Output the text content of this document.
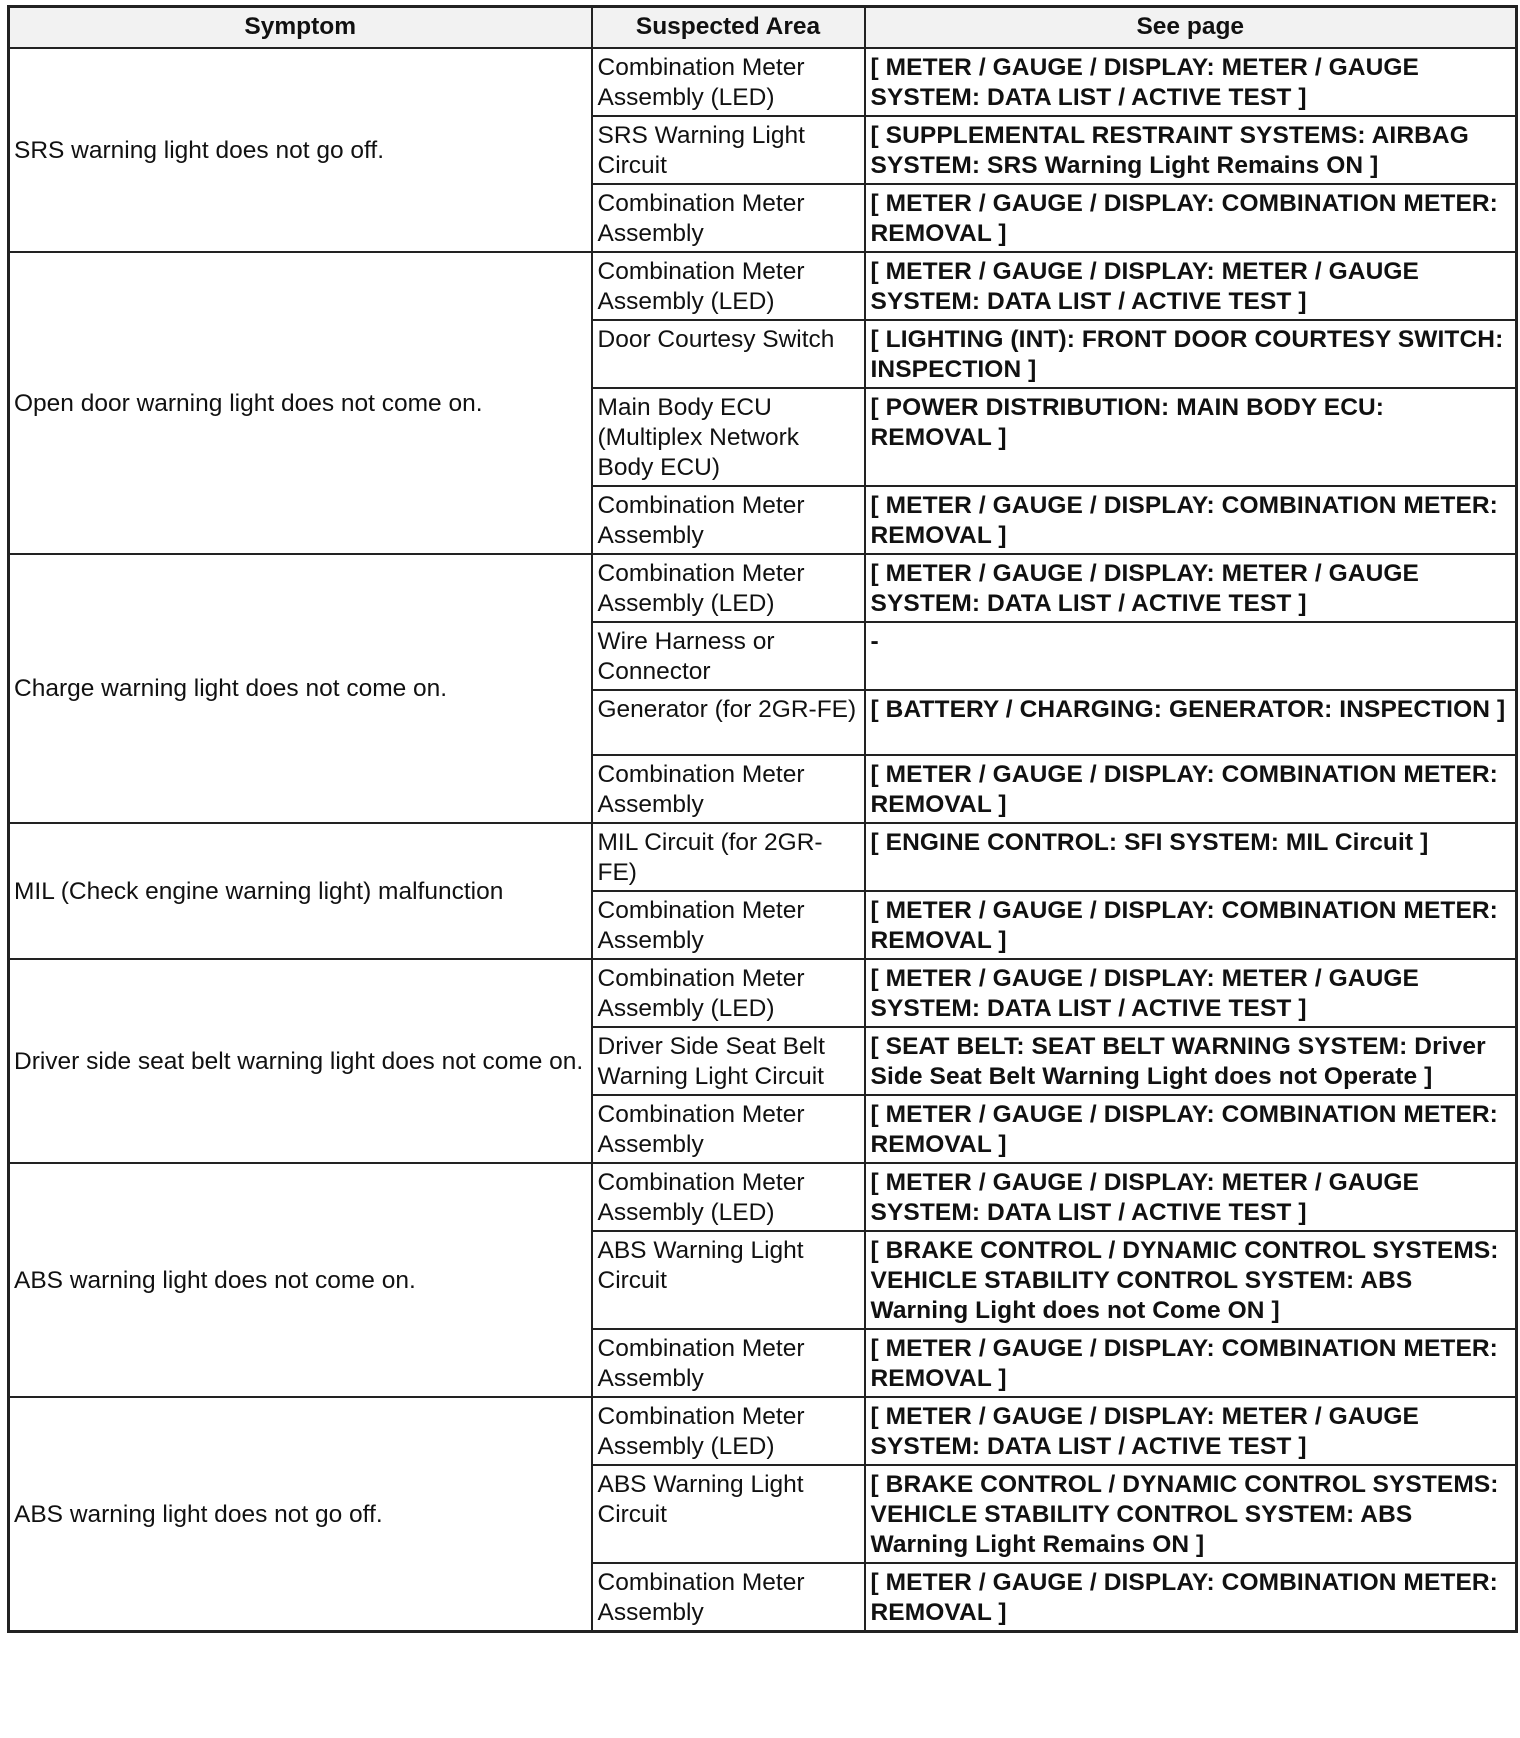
Symptom	Suspected Area	See page
SRS warning light does not go off.	Combination Meter Assembly (LED)	[ METER / GAUGE / DISPLAY: METER / GAUGE SYSTEM: DATA LIST / ACTIVE TEST ]
	SRS Warning Light Circuit	[ SUPPLEMENTAL RESTRAINT SYSTEMS: AIRBAG SYSTEM: SRS Warning Light Remains ON ]
	Combination Meter Assembly	[ METER / GAUGE / DISPLAY: COMBINATION METER: REMOVAL ]
Open door warning light does not come on.	Combination Meter Assembly (LED)	[ METER / GAUGE / DISPLAY: METER / GAUGE SYSTEM: DATA LIST / ACTIVE TEST ]
	Door Courtesy Switch	[ LIGHTING (INT): FRONT DOOR COURTESY SWITCH: INSPECTION ]
	Main Body ECU (Multiplex Network Body ECU)	[ POWER DISTRIBUTION: MAIN BODY ECU: REMOVAL ]
	Combination Meter Assembly	[ METER / GAUGE / DISPLAY: COMBINATION METER: REMOVAL ]
Charge warning light does not come on.	Combination Meter Assembly (LED)	[ METER / GAUGE / DISPLAY: METER / GAUGE SYSTEM: DATA LIST / ACTIVE TEST ]
	Wire Harness or Connector	-
	Generator (for 2GR-FE)	[ BATTERY / CHARGING: GENERATOR: INSPECTION ]
	Combination Meter Assembly	[ METER / GAUGE / DISPLAY: COMBINATION METER: REMOVAL ]
MIL (Check engine warning light) malfunction	MIL Circuit (for 2GR-FE)	[ ENGINE CONTROL: SFI SYSTEM: MIL Circuit ]
	Combination Meter Assembly	[ METER / GAUGE / DISPLAY: COMBINATION METER: REMOVAL ]
Driver side seat belt warning light does not come on.	Combination Meter Assembly (LED)	[ METER / GAUGE / DISPLAY: METER / GAUGE SYSTEM: DATA LIST / ACTIVE TEST ]
	Driver Side Seat Belt Warning Light Circuit	[ SEAT BELT: SEAT BELT WARNING SYSTEM: Driver Side Seat Belt Warning Light does not Operate ]
	Combination Meter Assembly	[ METER / GAUGE / DISPLAY: COMBINATION METER: REMOVAL ]
ABS warning light does not come on.	Combination Meter Assembly (LED)	[ METER / GAUGE / DISPLAY: METER / GAUGE SYSTEM: DATA LIST / ACTIVE TEST ]
	ABS Warning Light Circuit	[ BRAKE CONTROL / DYNAMIC CONTROL SYSTEMS: VEHICLE STABILITY CONTROL SYSTEM: ABS Warning Light does not Come ON ]
	Combination Meter Assembly	[ METER / GAUGE / DISPLAY: COMBINATION METER: REMOVAL ]
ABS warning light does not go off.	Combination Meter Assembly (LED)	[ METER / GAUGE / DISPLAY: METER / GAUGE SYSTEM: DATA LIST / ACTIVE TEST ]
	ABS Warning Light Circuit	[ BRAKE CONTROL / DYNAMIC CONTROL SYSTEMS: VEHICLE STABILITY CONTROL SYSTEM: ABS Warning Light Remains ON ]
	Combination Meter Assembly	[ METER / GAUGE / DISPLAY: COMBINATION METER: REMOVAL ]
